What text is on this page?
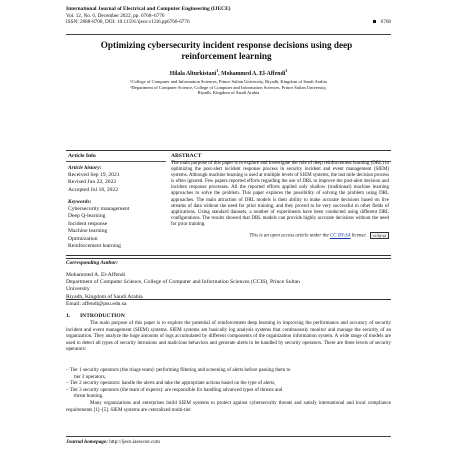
International Journal of Electrical and Computer Engineering (IJECE)
Vol. 12, No. 6, December 2022, pp. 6768~6776
ISSN: 2088-8708, DOI: 10.11591/ijece.v12i6.pp6768-6776	6768
Optimizing cybersecurity incident response decisions using deep
reinforcement learning
Hilala Alturkistani$^1$, Mohammed A. El-Affendi$^2$
¹College of Computer and Information Sciences, Prince Sultan University, Riyadh, Kingdom of Saudi Arabia
²Department of Computer Science, College of Computer and Information Sciences, Prince Sultan University,
Riyadh, Kingdom of Saudi Arabia
Article Info	ABSTRACT
Article history:
Received Sep 19, 2021
Revised Jun 22, 2022
Accepted Jul 18, 2022
Keywords:
Cybersecurity management
Deep Q-learning
Incident response
Machine learning
Optimization
Reinforcement learning
The main purpose of this paper is to explore and investigate the role of deep reinforcement learning (DRL) in optimizing the post-alert incident response process in security incident and event management (SIEM) systems. Although machine learning is used at multiple levels of SIEM systems, the last mile decision process is often ignored. Few papers reported efforts regarding the use of DRL to improve the post-alert decision and incident response processes. All the reported efforts applied only shallow (traditional) machine learning approaches to solve the problem. This paper explores the possibility of solving the problem using DRL approaches. The main attraction of DRL models is their ability to make accurate decisions based on live streams of data without the need for prior training, and they proved to be very successful in other fields of applications. Using standard datasets, a number of experiments have been conducted using different DRL configurations. The results showed that DRL models can provide highly accurate decisions without the need for prior training.
This is an open access article under the CC BY-SA license. cc by sa
Corresponding Author:
Mohammed A. El-Affendi
Department of Computer Science, College of Computer and Information Sciences (CCIS), Prince Sultan
University
Riyadh, Kingdom of Saudi Arabia
Email: affendi@psu.edu.sa
1.       INTRODUCTION
The main purpose of this paper is to explore the potential of reinforcement deep learning in improving the performance and accuracy of security incident and event management (SIEM) systems. SIEM systems are basically log analysis systems that continuously monitor and manage the security of an organization. They analyze the huge amounts of logs accumulated by different components of the organization information system. A wide range of models are used to detect all types of security intrusions and malicious behaviors and generate alerts to be handled by security operators. There are three levels of security operators:
– Tier 1 security operators (the triage team): performing filtering and screening of alerts before passing them to
tier 2 operators,
– Tier 2 security operators: handle the alerts and take the appropriate actions based on the type of alerts,
– Tier 3 security operators (the team of experts): are responsible for handling advanced types of threats and
threat hunting.
Many organizations and enterprises build SIEM systems to protect against cybersecurity threats and satisfy international and local compliance requirements [1]–[5]. SIEM systems are centralized multi-tier
Journal homepage: http://ijece.iaescore.com
